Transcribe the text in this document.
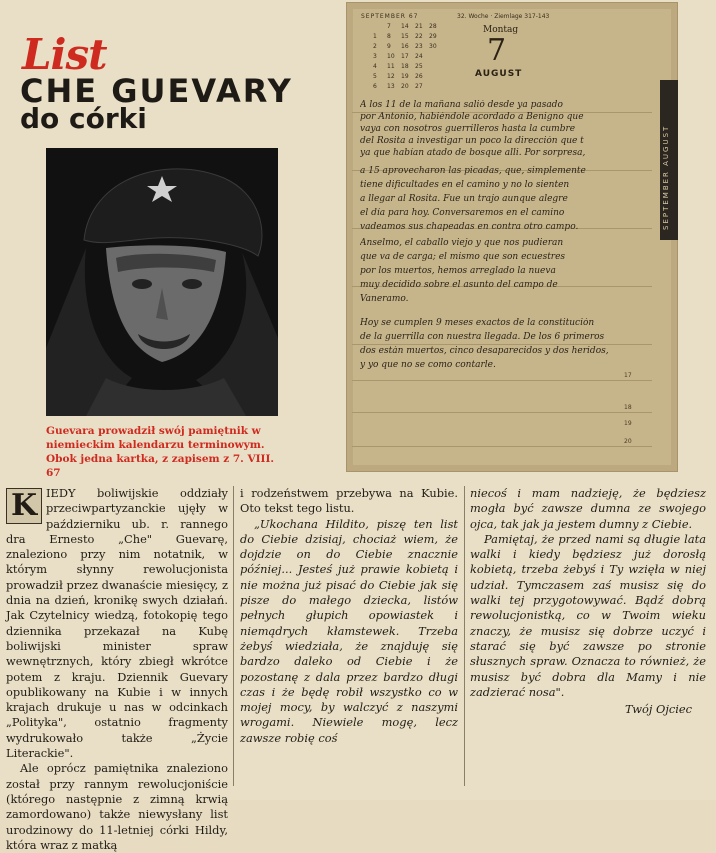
List
CHE GUEVARY
do córki
Guevara prowadził swój pamiętnik w niemieckim kalendarzu terminowym. Obok jedna kartka, z zapisem z 7. VIII. 67
SEPTEMBER 67
7	14	21	28
1	8	15	22	29
2	9	16	23	30
3	10	17	24
4	11	18	25
5	12	19	26
6	13	20	27
32. Woche · Ziemlage 317-143
Montag
7
AUGUST
SEPTEMBER AUGUST
17
18
19
20
A los 11 de la mañana salió desde ya pasado
por Antonio, habiéndole acordado a Benigno que
vaya con nosotros guerrilleros hasta la cumbre
del Rosita a investigar un poco la dirección que t
ya que habían atado de bosque alli. Por sorpresa,
a 15 aprovecharon las picadas, que, simplemente
tiene dificultades en el camino y no lo sienten
a llegar al Rosita. Fue un trajo aunque alegre
el día para hoy. Conversaremos en el camino
vadeamos sus chapeadas en contra otro campo.
Anselmo, el caballo viejo y que nos pudieran
que va de carga; el mismo que son ecuestres
por los muertos, hemos arreglado la nueva
muy decidido sobre el asunto del campo de
Vaneramo.
Hoy se cumplen 9 meses exactos de la constitución
de la guerrilla con nuestra llegada. De los 6 primeros
dos están muertos, cinco desaparecidos y dos heridos,
y yo que no se como contarle.

K IEDY boliwijskie oddziały przeciwpartyzanckie ujęły w październiku ub. r. rannego dra Ernesto „Che" Guevarę, znaleziono przy nim notatnik, w którym słynny rewolucjonista prowadził przez dwanaście miesięcy, z dnia na dzień, kronikę swych działań. Jak Czytelnicy wiedzą, fotokopię tego dziennika przekazał na Kubę boliwijski minister spraw wewnętrznych, który zbiegł wkrótce potem z kraju. Dziennik Guevary opublikowany na Kubie i w innych krajach drukuje u nas w odcinkach „Polityka", ostatnio fragmenty wydrukowało także „Życie Literackie".

Ale oprócz pamiętnika znaleziono został przy rannym rewolucjoniście (którego następnie z zimną krwią zamordowano) także niewysłany list urodzinowy do 11-letniej córki Hildy, która wraz z matką

i rodzeństwem przebywa na Kubie. Oto tekst tego listu.

„Ukochana Hildito, piszę ten list do Ciebie dzisiaj, chociaż wiem, że dojdzie on do Ciebie znacznie później... Jesteś już prawie kobietą i nie można już pisać do Ciebie jak się pisze do małego dziecka, listów pełnych głupich opowiastek i niemądrych kłamstewek. Trzeba żebyś wiedziała, że znajduję się bardzo daleko od Ciebie i że pozostanę z dala przez bardzo długi czas i że będę robił wszystko co w mojej mocy, by walczyć z naszymi wrogami. Niewiele mogę, lecz zawsze robię coś

niecoś i mam nadzieję, że będziesz mogła być zawsze dumna ze swojego ojca, tak jak ja jestem dumny z Ciebie.

Pamiętaj, że przed nami są długie lata walki i kiedy będziesz już dorosłą kobietą, trzeba żebyś i Ty wzięła w niej udział. Tymczasem zaś musisz się do walki tej przygotowywać. Bądź dobrą rewolucjonistką, co w Twoim wieku znaczy, że musisz się dobrze uczyć i starać się być zawsze po stronie słusznych spraw. Oznacza to również, że musisz być dobra dla Mamy i nie zadzierać nosa".

Twój Ojciec
